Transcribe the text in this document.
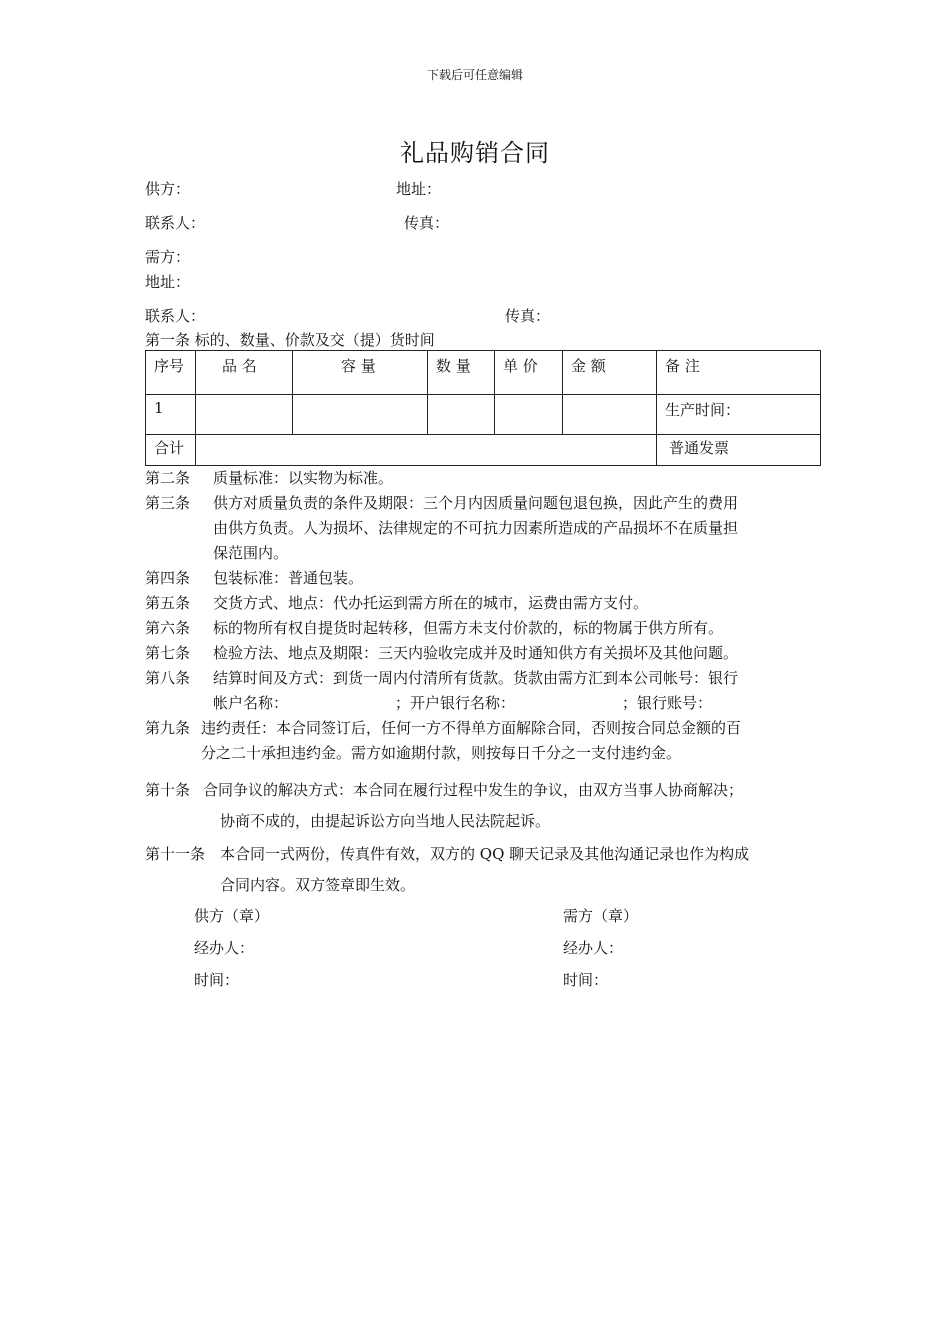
下载后可任意编辑
礼品购销合同
供方：	地址：
联系人：	传真：
需方：
地址：
联系人：	传真：
第一条 标的、数量、价款及交（提）货时间
序号	品 名	容 量	数 量	单 价	金 额	备 注
1						生产时间：
合计						普通发票
第二条 质量标准：以实物为标准。
第三条 供方对质量负责的条件及期限：三个月内因质量问题包退包换，因此产生的费用
由供方负责。人为损坏、法律规定的不可抗力因素所造成的产品损坏不在质量担
保范围内。
第四条 包装标准：普通包装。
第五条 交货方式、地点：代办托运到需方所在的城市，运费由需方支付。
第六条 标的物所有权自提货时起转移，但需方未支付价款的，标的物属于供方所有。
第七条 检验方法、地点及期限：三天内验收完成并及时通知供方有关损坏及其他问题。
第八条 结算时间及方式：到货一周内付清所有货款。货款由需方汇到本公司帐号：银行
帐户名称：	；开户银行名称：	；银行账号：
第九条 违约责任：本合同签订后，任何一方不得单方面解除合同，否则按合同总金额的百
分之二十承担违约金。需方如逾期付款，则按每日千分之一支付违约金。
第十条 合同争议的解决方式：本合同在履行过程中发生的争议，由双方当事人协商解决；
协商不成的，由提起诉讼方向当地人民法院起诉。
第十一条 本合同一式两份，传真件有效，双方的 QQ 聊天记录及其他沟通记录也作为构成
合同内容。双方签章即生效。
供方（章）	需方（章）
经办人：	经办人：
时间：	时间：
